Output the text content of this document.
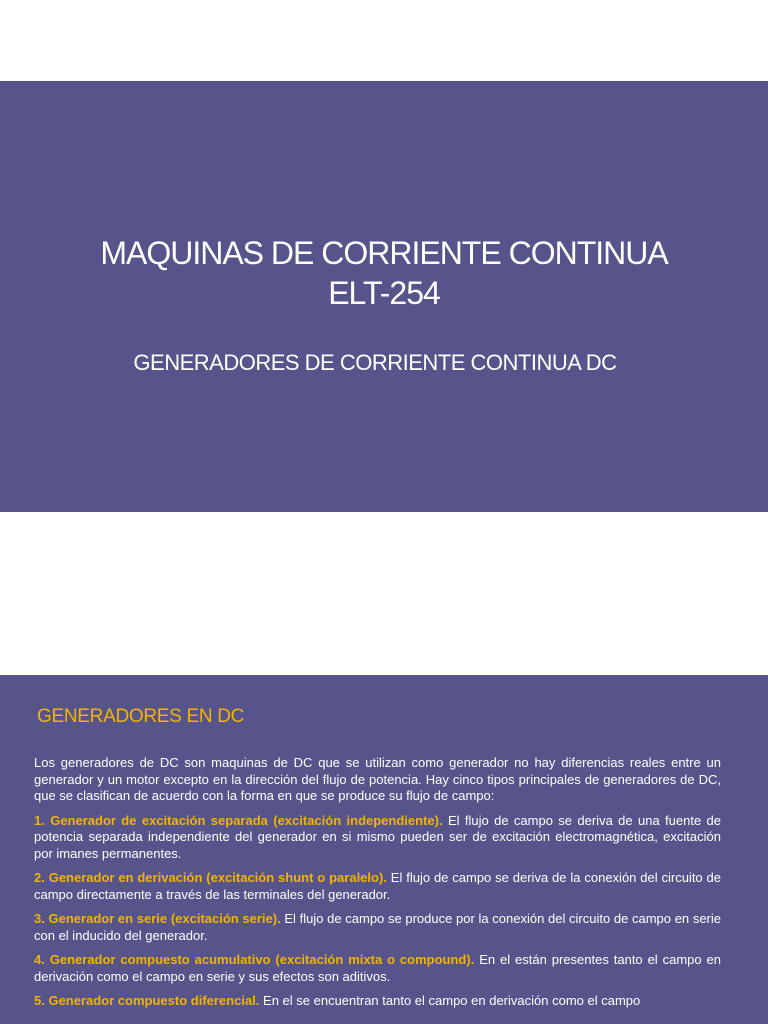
MAQUINAS DE CORRIENTE CONTINUA
ELT-254
GENERADORES DE CORRIENTE CONTINUA DC
GENERADORES EN DC

Los generadores de DC son maquinas de DC que se utilizan como generador no hay diferencias reales entre un generador y un motor excepto en la dirección del flujo de potencia. Hay cinco tipos principales de generadores de DC, que se clasifican de acuerdo con la forma en que se produce su flujo de campo:

1. Generador de excitación separada (excitación independiente). El flujo de campo se deriva de una fuente de potencia separada independiente del generador en si mismo pueden ser de excitación electromagnética, excitación por imanes permanentes.

2. Generador en derivación (excitación shunt o paralelo). El flujo de campo se deriva de la conexión del circuito de campo directamente a través de las terminales del generador.

3. Generador en serie (excitación serie). El flujo de campo se produce por la conexión del circuito de campo en serie con el inducido del generador.

4. Generador compuesto acumulativo (excitación mixta o compound). En el están presentes tanto el campo en derivación como el campo en serie y sus efectos son aditivos.

5. Generador compuesto diferencial. En el se encuentran tanto el campo en derivación como el campo
